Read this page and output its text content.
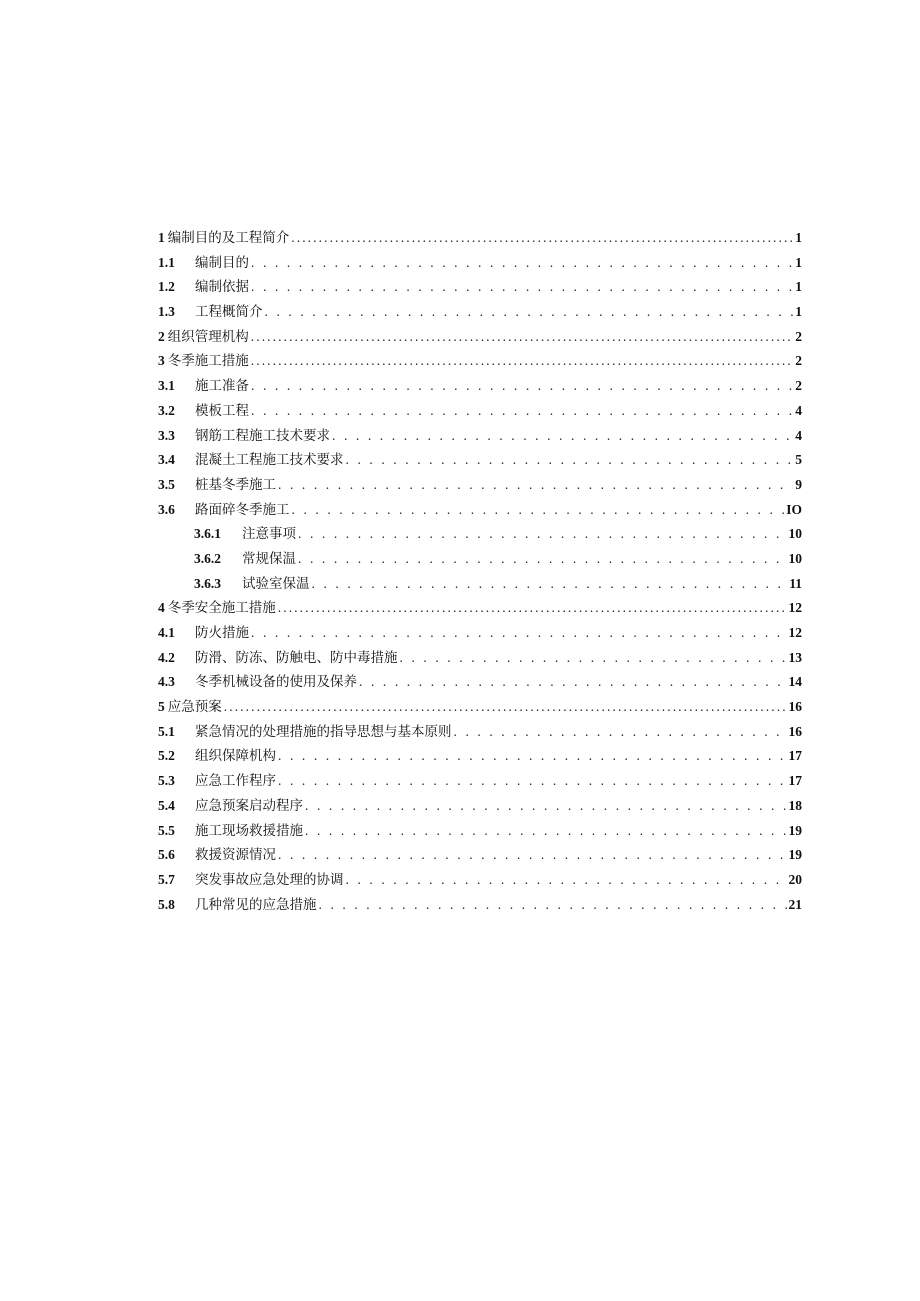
1 编制目的及工程简介 .....	1
1.1	编制目的 . . .	1
1.2	编制依据 . . .	1
1.3	工程概简介 . . .	1
2 组织管理机构 .....	2
3 冬季施工措施 .....	2
3.1	施工准备 . . .	2
3.2	模板工程 . . .	4
3.3	钢筋工程施工技术要求 . . .	4
3.4	混凝土工程施工技术要求 . . .	5
3.5	桩基冬季施工 . . .	9
3.6	路面碎冬季施工 . . .	IO
3.6.1	注意事项 . . .	10
3.6.2	常规保温 . . .	10
3.6.3	试验室保温 . . .	11
4 冬季安全施工措施 .....	12
4.1	防火措施 . . .	12
4.2	防滑、防冻、防触电、防中毒措施 . . .	13
4.3	冬季机械设备的使用及保养 . . .	14
5 应急预案 .....	16
5.1	紧急情况的处理措施的指导思想与基本原则 . . .	16
5.2	组织保障机构 . . .	17
5.3	应急工作程序 . . .	17
5.4	应急预案启动程序 . . .	18
5.5	施工现场救援措施 . . .	19
5.6	救援资源情况 . . .	19
5.7	突发事故应急处理的协调 . . .	20
5.8	几种常见的应急措施 . . .	21
